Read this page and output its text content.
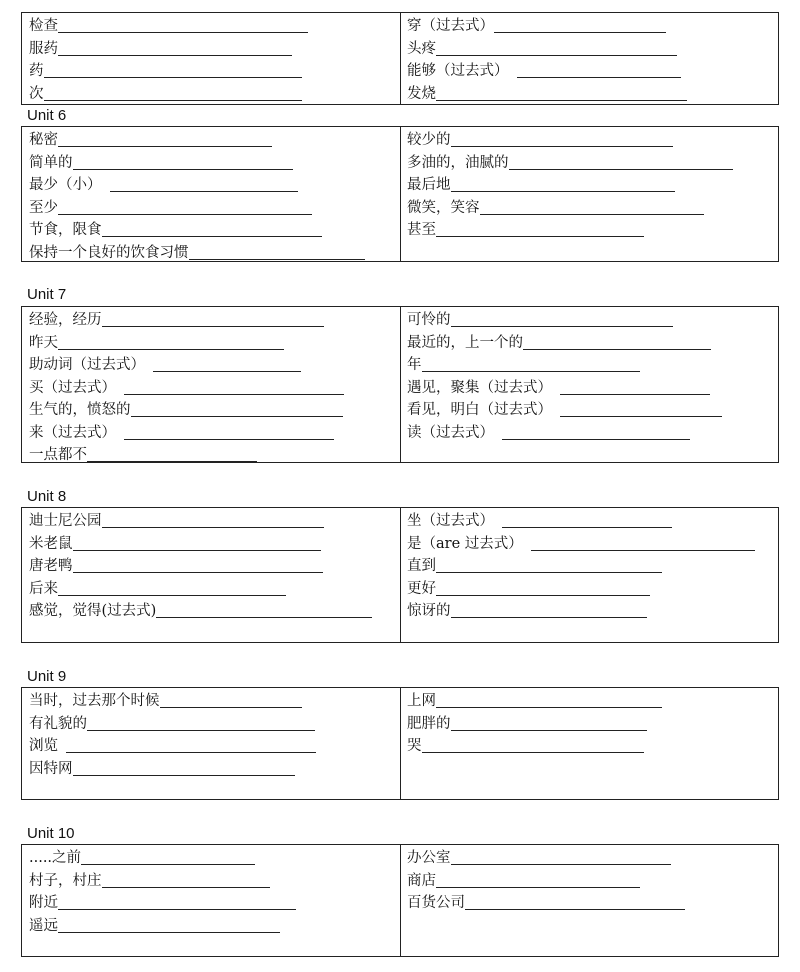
检查
服药
药
次
穿（过去式）
头疼
能够（过去式）
发烧
Unit 6
秘密
简单的
最少（小）
至少
节食，限食
保持一个良好的饮食习惯
较少的
多油的，油腻的
最后地
微笑，笑容
甚至
Unit 7
经验，经历
昨天
助动词（过去式）
买（过去式）
生气的，愤怒的
来（过去式）
一点都不
可怜的
最近的，上一个的
年
遇见，聚集（过去式）
看见，明白（过去式）
读（过去式）
Unit 8
迪士尼公园
米老鼠
唐老鸭
后来
感觉，觉得(过去式)
坐（过去式）
是（are 过去式）
直到
更好
惊讶的
Unit 9
当时，过去那个时候
有礼貌的
浏览
因特网
上网
肥胖的
哭
Unit 10
.....之前
村子，村庄
附近
遥远
办公室
商店
百货公司
